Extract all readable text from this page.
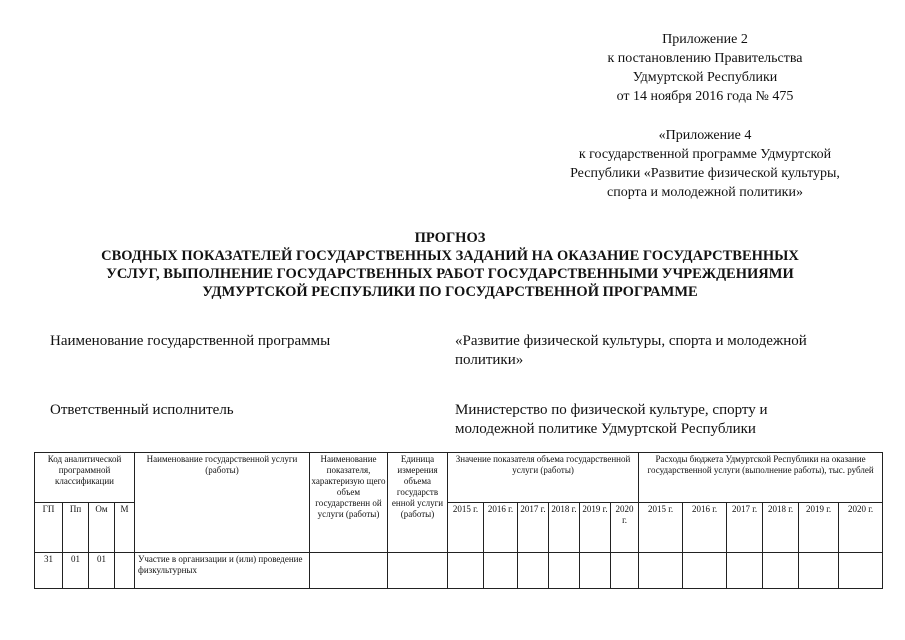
Приложение 2
к постановлению Правительства
Удмуртской Республики
от 14 ноября 2016 года № 475
«Приложение 4
к государственной программе Удмуртской
Республики «Развитие физической культуры,
спорта и молодежной политики»
ПРОГНОЗ
СВОДНЫХ ПОКАЗАТЕЛЕЙ ГОСУДАРСТВЕННЫХ ЗАДАНИЙ НА ОКАЗАНИЕ ГОСУДАРСТВЕННЫХ
УСЛУГ, ВЫПОЛНЕНИЕ ГОСУДАРСТВЕННЫХ РАБОТ ГОСУДАРСТВЕННЫМИ УЧРЕЖДЕНИЯМИ
УДМУРТСКОЙ РЕСПУБЛИКИ ПО ГОСУДАРСТВЕННОЙ ПРОГРАММЕ
Наименование государственной программы	«Развитие физической культуры, спорта и молодежной
политики»
Ответственный исполнитель	Министерство по физической культуре, спорту и
молодежной политике Удмуртской Республики
Код аналитической программной классификации				Наименование государственной услуги (работы)	Наименование показателя, характеризую щего объем государственн ой услуги (работы)	Единица измерения объема государств енной услуги (работы)	Значение показателя объема государственной услуги (работы)						Расходы бюджета Удмуртской Республики на оказание государственной услуги (выполнение работы), тыс. рублей					
ГП	Пп	Ом	М				2015 г.	2016 г.	2017 г.	2018 г.	2019 г.	2020 г.	2015 г.	2016 г.	2017 г.	2018 г.	2019 г.	2020 г.
31	01	01		Участие в организации и (или) проведение физкультурных														
